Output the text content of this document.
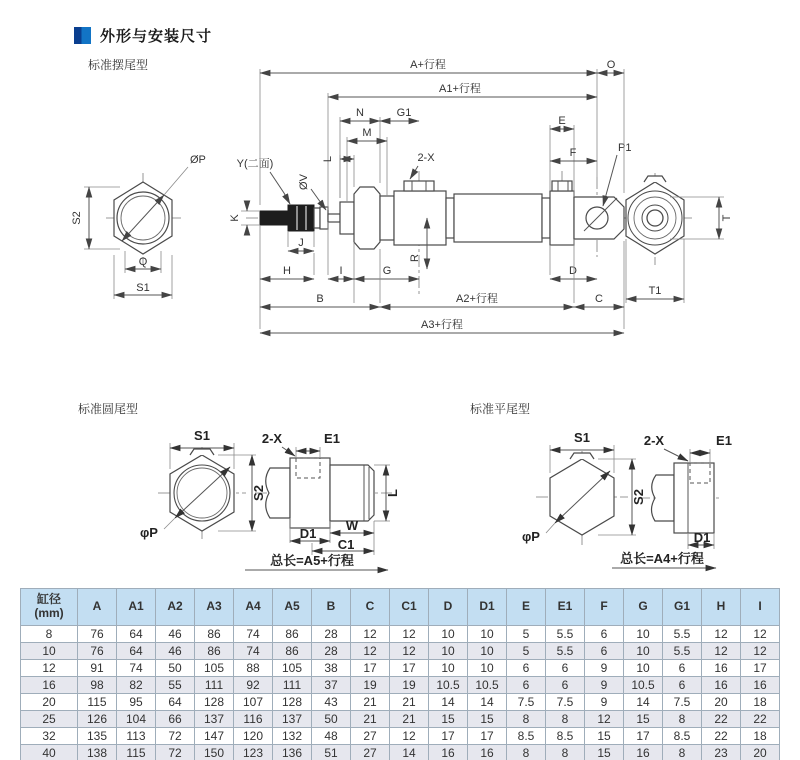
外形与安装尺寸
标准摆尾型
标准圆尾型	标准平尾型
S2
Q
S1
ØP	Y(二面)
ØV
K
2-X
P1
A+行程	O
A1+行程
N	G1
M
L
E
F
J
H	I	G
R
D
B	A2+行程	C
A3+行程
T
T1
φP
S1
S2
2-X	E1
L
W
D1
C1
总长=A5+行程
φP
S1
S2
2-X	E1
D1
总长=A4+行程
缸径
(mm)	A	A1	A2	A3	A4	A5	B	C	C1	D	D1	E	E1	F	G	G1	H	I
8	76	64	46	86	74	86	28	12	12	10	10	5	5.5	6	10	5.5	12	12
10	76	64	46	86	74	86	28	12	12	10	10	5	5.5	6	10	5.5	12	12
12	91	74	50	105	88	105	38	17	17	10	10	6	6	9	10	6	16	17
16	98	82	55	111	92	111	37	19	19	10.5	10.5	6	6	9	10.5	6	16	16
20	115	95	64	128	107	128	43	21	21	14	14	7.5	7.5	9	14	7.5	20	18
25	126	104	66	137	116	137	50	21	21	15	15	8	8	12	15	8	22	22
32	135	113	72	147	120	132	48	27	12	17	17	8.5	8.5	15	17	8.5	22	18
40	138	115	72	150	123	136	51	27	14	16	16	8	8	15	16	8	23	20
